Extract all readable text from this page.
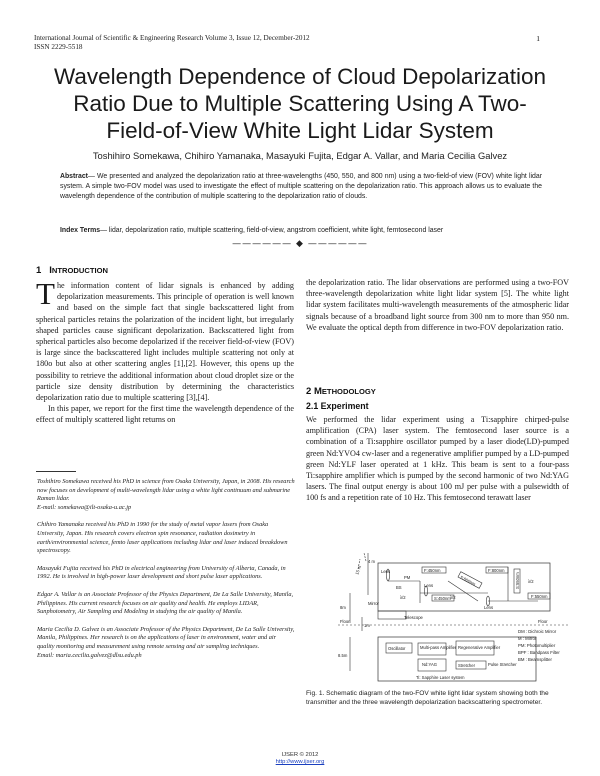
International Journal of Scientific & Engineering Research Volume 3, Issue 12, December-2012
ISSN 2229-5518
1
Wavelength Dependence of Cloud Depolarization
Ratio Due to Multiple Scattering Using A Two-
Field-of-View White Light Lidar System
Toshihiro Somekawa, Chihiro Yamanaka, Masayuki Fujita, Edgar A. Vallar, and Maria Cecilia Galvez
Abstract— We presented and analyzed the depolarization ratio at three-wavelengths (450, 550, and 800 nm) using a two-field-of view (FOV) white light lidar system. A simple two-FOV model was used to investigate the effect of multiple scattering on the depolarization ratio. This approach allows us to evaluate the wavelength dependence of the contribution of multiple scattering to the depolarization ratio of clouds.
Index Terms— lidar, depolarization ratio, multiple scattering, field-of-view, angstrom coefficient, white light, femtosecond laser
—————— ◆ ——————
1 INTRODUCTION

The information content of lidar signals is enhanced by adding depolarization measurements. This principle of operation is well known and based on the simple fact that single backscattered light from spherical particles retains the polarization of the incident light, but irregularly shaped particles cause significant depolarization. Backscattered light from spherical particles also become depolarized if the receiver field-of-view (FOV) is large since the backscattered light includes multiple scattering not only at 180o but also at other scattering angles [1],[2]. However, this opens up the possibility to retrieve the additional information about cloud droplet size or the particle size density distribution by determining the characteristics depolarization ratio due to multiple scattering [3],[4].

In this paper, we report for the first time the wavelength dependence of the effect of multiply scattered light returns on

Toshihiro Somekawa received his PhD in science from Osaka University, Japan, in 2008. His research now focuses on development of multi-wavelength lidar using a white light continuum and submarine Raman lidar.
E-mail: somekawa@ilt-osaka-u.ac.jp

Chihiro Yamanaka received his PhD in 1990 for the study of metal vapor lasers from Osaka University, Japan. His research covers electron spin resonance, radiation dosimetry in earth/environmental science, femto laser applications including lidar and laser induced breakdown spectroscopy.

Masayuki Fujita received his PhD in electrical engineering from University of Alberta, Canada, in 1992. He is involved in high-power laser development and short pulse laser applications.

Edgar A. Vallar is an Associate Professor of the Physics Department, De La Salle University, Manila, Philippines. His current research focuses on air quality and health. He employs LIDAR, Sunphotometry, Air Sampling and Modeling in studying the air quality of Manila.

Maria Cecilia D. Galvez is an Associate Professor of the Physics Department, De La Salle University, Manila, Philippines. Her research is on the applications of laser in environment, water and air quality monitoring and measurement using remote sensing and air sampling techniques.
Email: maria.cecilia.galvez@dlsu.edu.ph

the depolarization ratio. The lidar observations are performed using a two-FOV three-wavelength depolarization white light lidar system [5]. The white light lidar system facilitates multi-wavelength measurements of the atmospheric lidar signals because of a broadband light source from 300 nm to more than 950 nm. We evaluate the optical depth from difference in two-FOV depolarization ratio.
2 METHODOLOGY
2.1 Experiment
We performed the lidar experiment using a Ti:sapphire chirped-pulse amplification (CPA) laser system. The femtosecond laser source is a combination of a Ti:sapphire oscillator pumped by a laser diode(LD)-pumped green Nd:YVO4 cw-laser and a regenerative amplifier pumped by a LD-pumped green Nd:YLF laser operated at 1 kHz. This beam is sent to a four-pass Ti:sapphire amplifier which is pumped by the second harmonic of two Nd:YAG lasers. The final output energy is about 100 mJ per pulse with a pulsewidth of 100 fs and a repetition rate of 10 Hz. This femtosecond terawatt laser
15 m
4 m
Lens
Lens
Lens
F:450nm	F:800nm
S:450nm
S:800nm	S:550nm
F:550nm
BS
PM
λ/2	λ/2
λ/2
Mirror
Telescope
8m
1m
8.5m
Floor
Floor
Oscillator	Multi-pass Amplifier Regenerative Amplifier
Nd:YAG	Pulse Stretcher
Stretcher
Ti: Sapphire Laser system
DM : Dichroic Mirror
M : Mirror
PM: Photomultiplier
BPF : Bandpass Filter
BM : Beamsplitter
Fig. 1. Schematic diagram of the two-FOV white light lidar system showing both the transmitter and the three wavelength depolarization backscattering spectrometer.
IJSER © 2012
http://www.ijser.org
